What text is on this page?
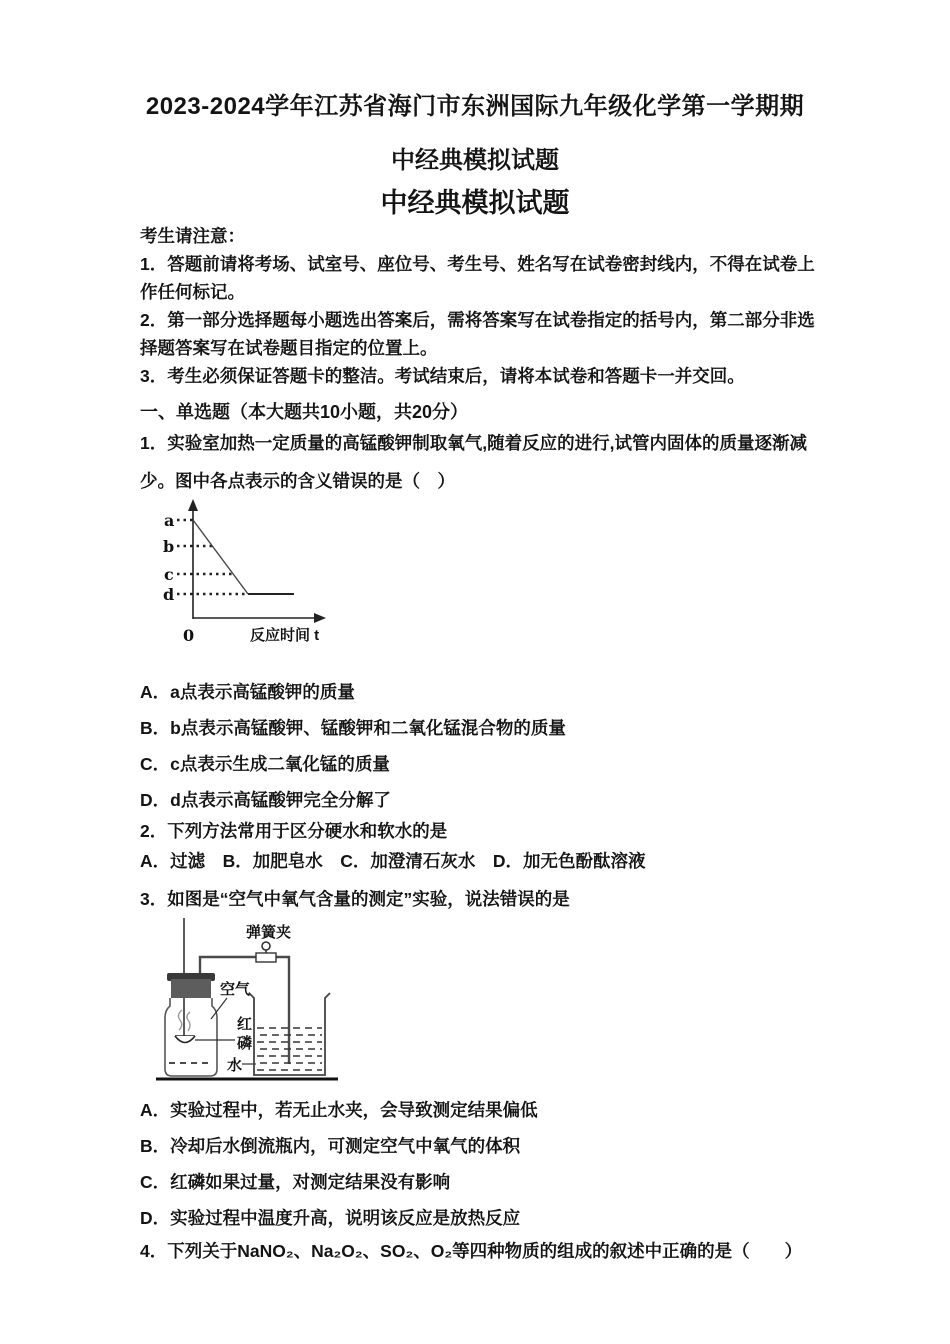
2023-2024学年江苏省海门市东洲国际九年级化学第一学期期
中经典模拟试题
中经典模拟试题

考生请注意：

1．答题前请将考场、试室号、座位号、考生号、姓名写在试卷密封线内，不得在试卷上作任何标记。

2．第一部分选择题每小题选出答案后，需将答案写在试卷指定的括号内，第二部分非选择题答案写在试卷题目指定的位置上。

3．考生必须保证答题卡的整洁。考试结束后，请将本试卷和答题卡一并交回。

一、单选题（本大题共10小题，共20分）
1．实验室加热一定质量的高锰酸钾制取氧气,随着反应的进行,试管内固体的质量逐渐减少。图中各点表示的含义错误的是（　）
a
b
c
d
0	反应时间 t

A．a点表示高锰酸钾的质量

B．b点表示高锰酸钾、锰酸钾和二氧化锰混合物的质量

C．c点表示生成二氧化锰的质量

D．d点表示高锰酸钾完全分解了

2．下列方法常用于区分硬水和软水的是
A．过滤　B．加肥皂水　C．加澄清石灰水　D．加无色酚酞溶液
3．如图是“空气中氧气含量的测定”实验，说法错误的是
弹簧夹
空气
红
磷
水

A．实验过程中，若无止水夹，会导致测定结果偏低

B．冷却后水倒流瓶内，可测定空气中氧气的体积

C．红磷如果过量，对测定结果没有影响

D．实验过程中温度升高，说明该反应是放热反应

4．下列关于NaNO₂、Na₂O₂、SO₂、O₂等四种物质的组成的叙述中正确的是（　　）
